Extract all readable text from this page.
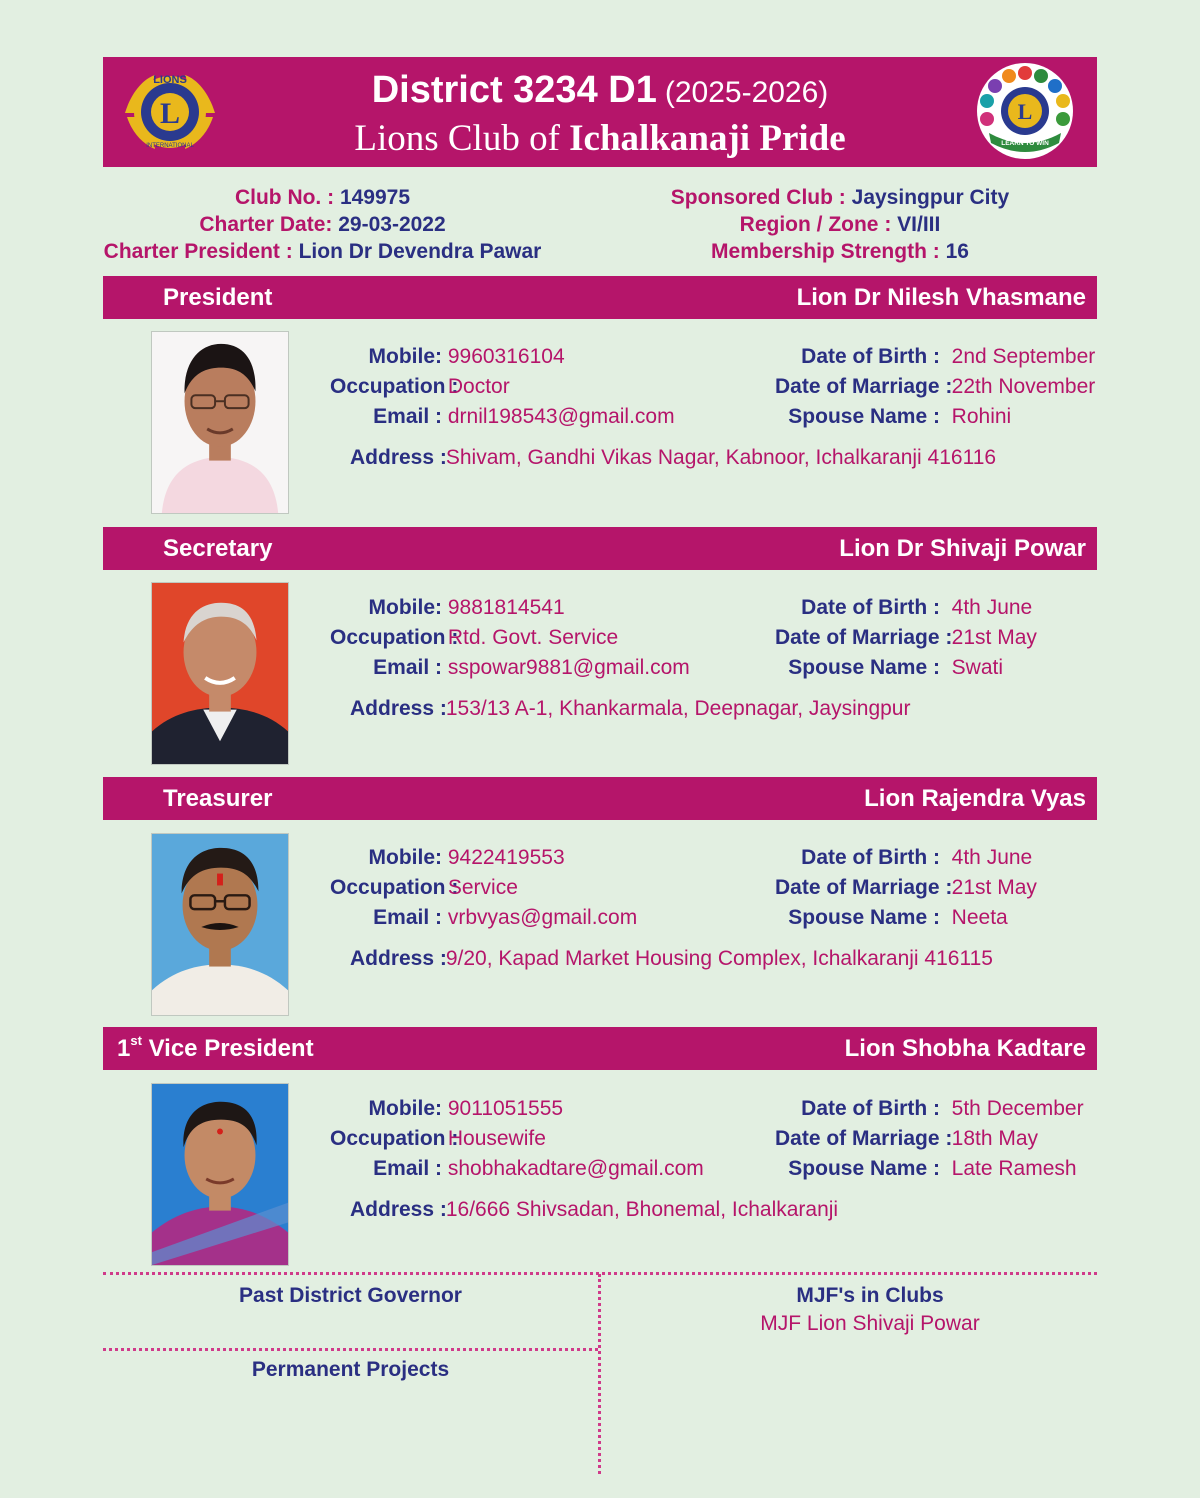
L
LIONS
INTERNATIONAL
District 3234 D1 (2025-2026)
Lions Club of Ichalkanaji Pride
L
LEARN TO WIN
Club No. : 149975
Charter Date: 29-03-2022
Charter President : Lion Dr Devendra Pawar
Sponsored Club : Jaysingpur City
Region / Zone : VI/III
Membership Strength : 16
President	Lion Dr Nilesh Vhasmane
Mobile: 9960316104
Occupation : Doctor
Email : drnil198543@gmail.com
Date of Birth : 2nd September
Date of Marriage :  22th November
Spouse Name : Rohini
Address : Shivam, Gandhi Vikas Nagar, Kabnoor, Ichalkaranji 416116
Secretary	Lion Dr Shivaji Powar
Mobile: 9881814541
Occupation : Rtd. Govt. Service
Email : sspowar9881@gmail.com
Date of Birth : 4th June
Date of Marriage :  21st May
Spouse Name : Swati
Address : 153/13 A-1, Khankarmala, Deepnagar, Jaysingpur
Treasurer	Lion Rajendra Vyas
Mobile: 9422419553
Occupation : Service
Email : vrbvyas@gmail.com
Date of Birth : 4th June
Date of Marriage :  21st May
Spouse Name : Neeta
Address : 9/20, Kapad Market Housing Complex, Ichalkaranji 416115
1st Vice President	Lion Shobha Kadtare
Mobile: 9011051555
Occupation : Housewife
Email : shobhakadtare@gmail.com
Date of Birth : 5th December
Date of Marriage :  18th May
Spouse Name : Late Ramesh
Address : 16/666 Shivsadan, Bhonemal, Ichalkaranji
Past District Governor
Permanent Projects
MJF's in Clubs
MJF Lion Shivaji Powar
